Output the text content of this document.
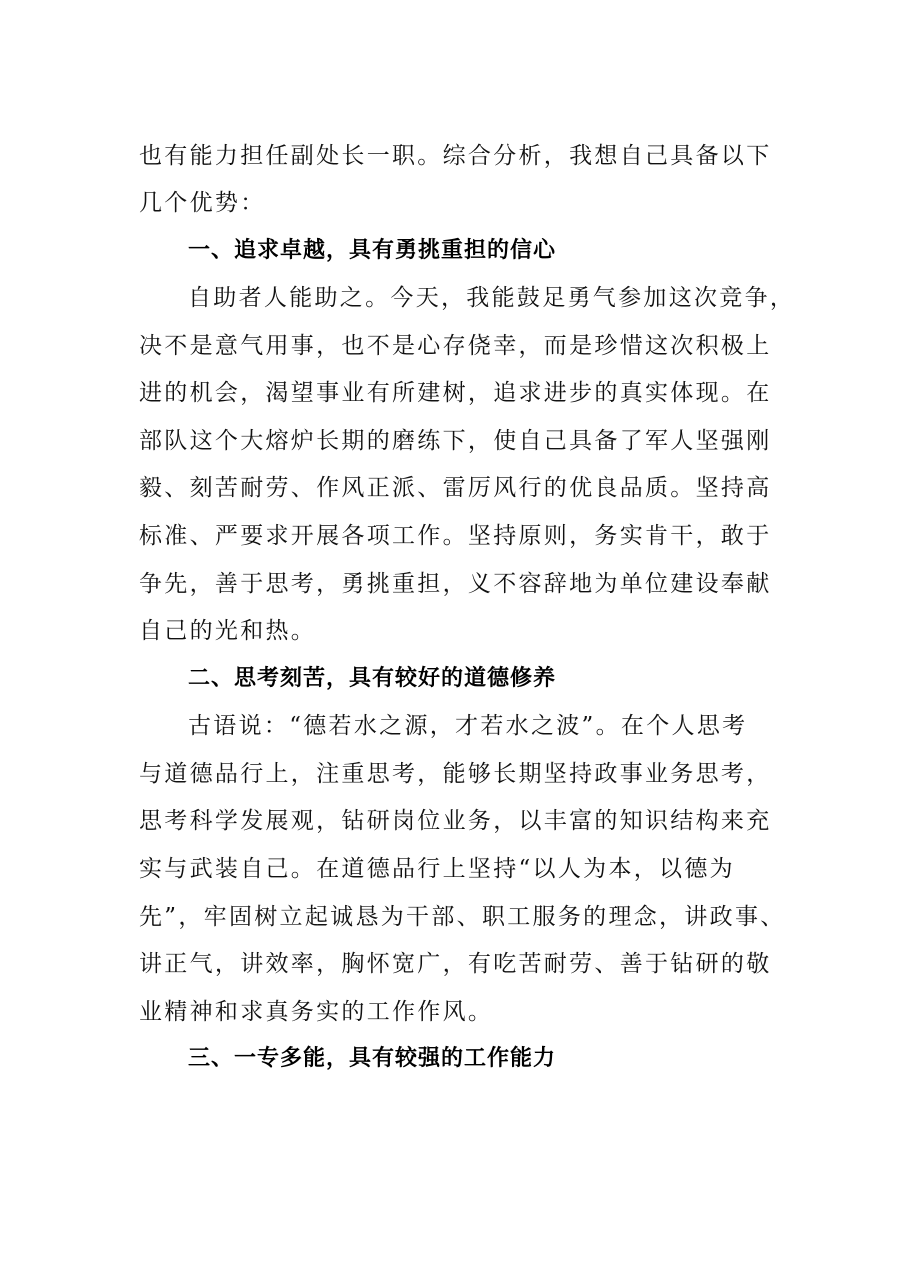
也有能力担任副处长一职。综合分析，我想自己具备以下
几个优势：
一、追求卓越，具有勇挑重担的信心
自助者人能助之。今天，我能鼓足勇气参加这次竞争，
决不是意气用事，也不是心存侥幸，而是珍惜这次积极上
进的机会，渴望事业有所建树，追求进步的真实体现。在
部队这个大熔炉长期的磨练下，使自己具备了军人坚强刚
毅、刻苦耐劳、作风正派、雷厉风行的优良品质。坚持高
标准、严要求开展各项工作。坚持原则，务实肯干，敢于
争先，善于思考，勇挑重担，义不容辞地为单位建设奉献
自己的光和热。
二、思考刻苦，具有较好的道德修养
古语说：“德若水之源，才若水之波”。在个人思考
与道德品行上，注重思考，能够长期坚持政事业务思考，
思考科学发展观，钻研岗位业务，以丰富的知识结构来充
实与武装自己。在道德品行上坚持“以人为本，以德为
先”，牢固树立起诚恳为干部、职工服务的理念，讲政事、
讲正气，讲效率，胸怀宽广，有吃苦耐劳、善于钻研的敬
业精神和求真务实的工作作风。
三、一专多能，具有较强的工作能力
